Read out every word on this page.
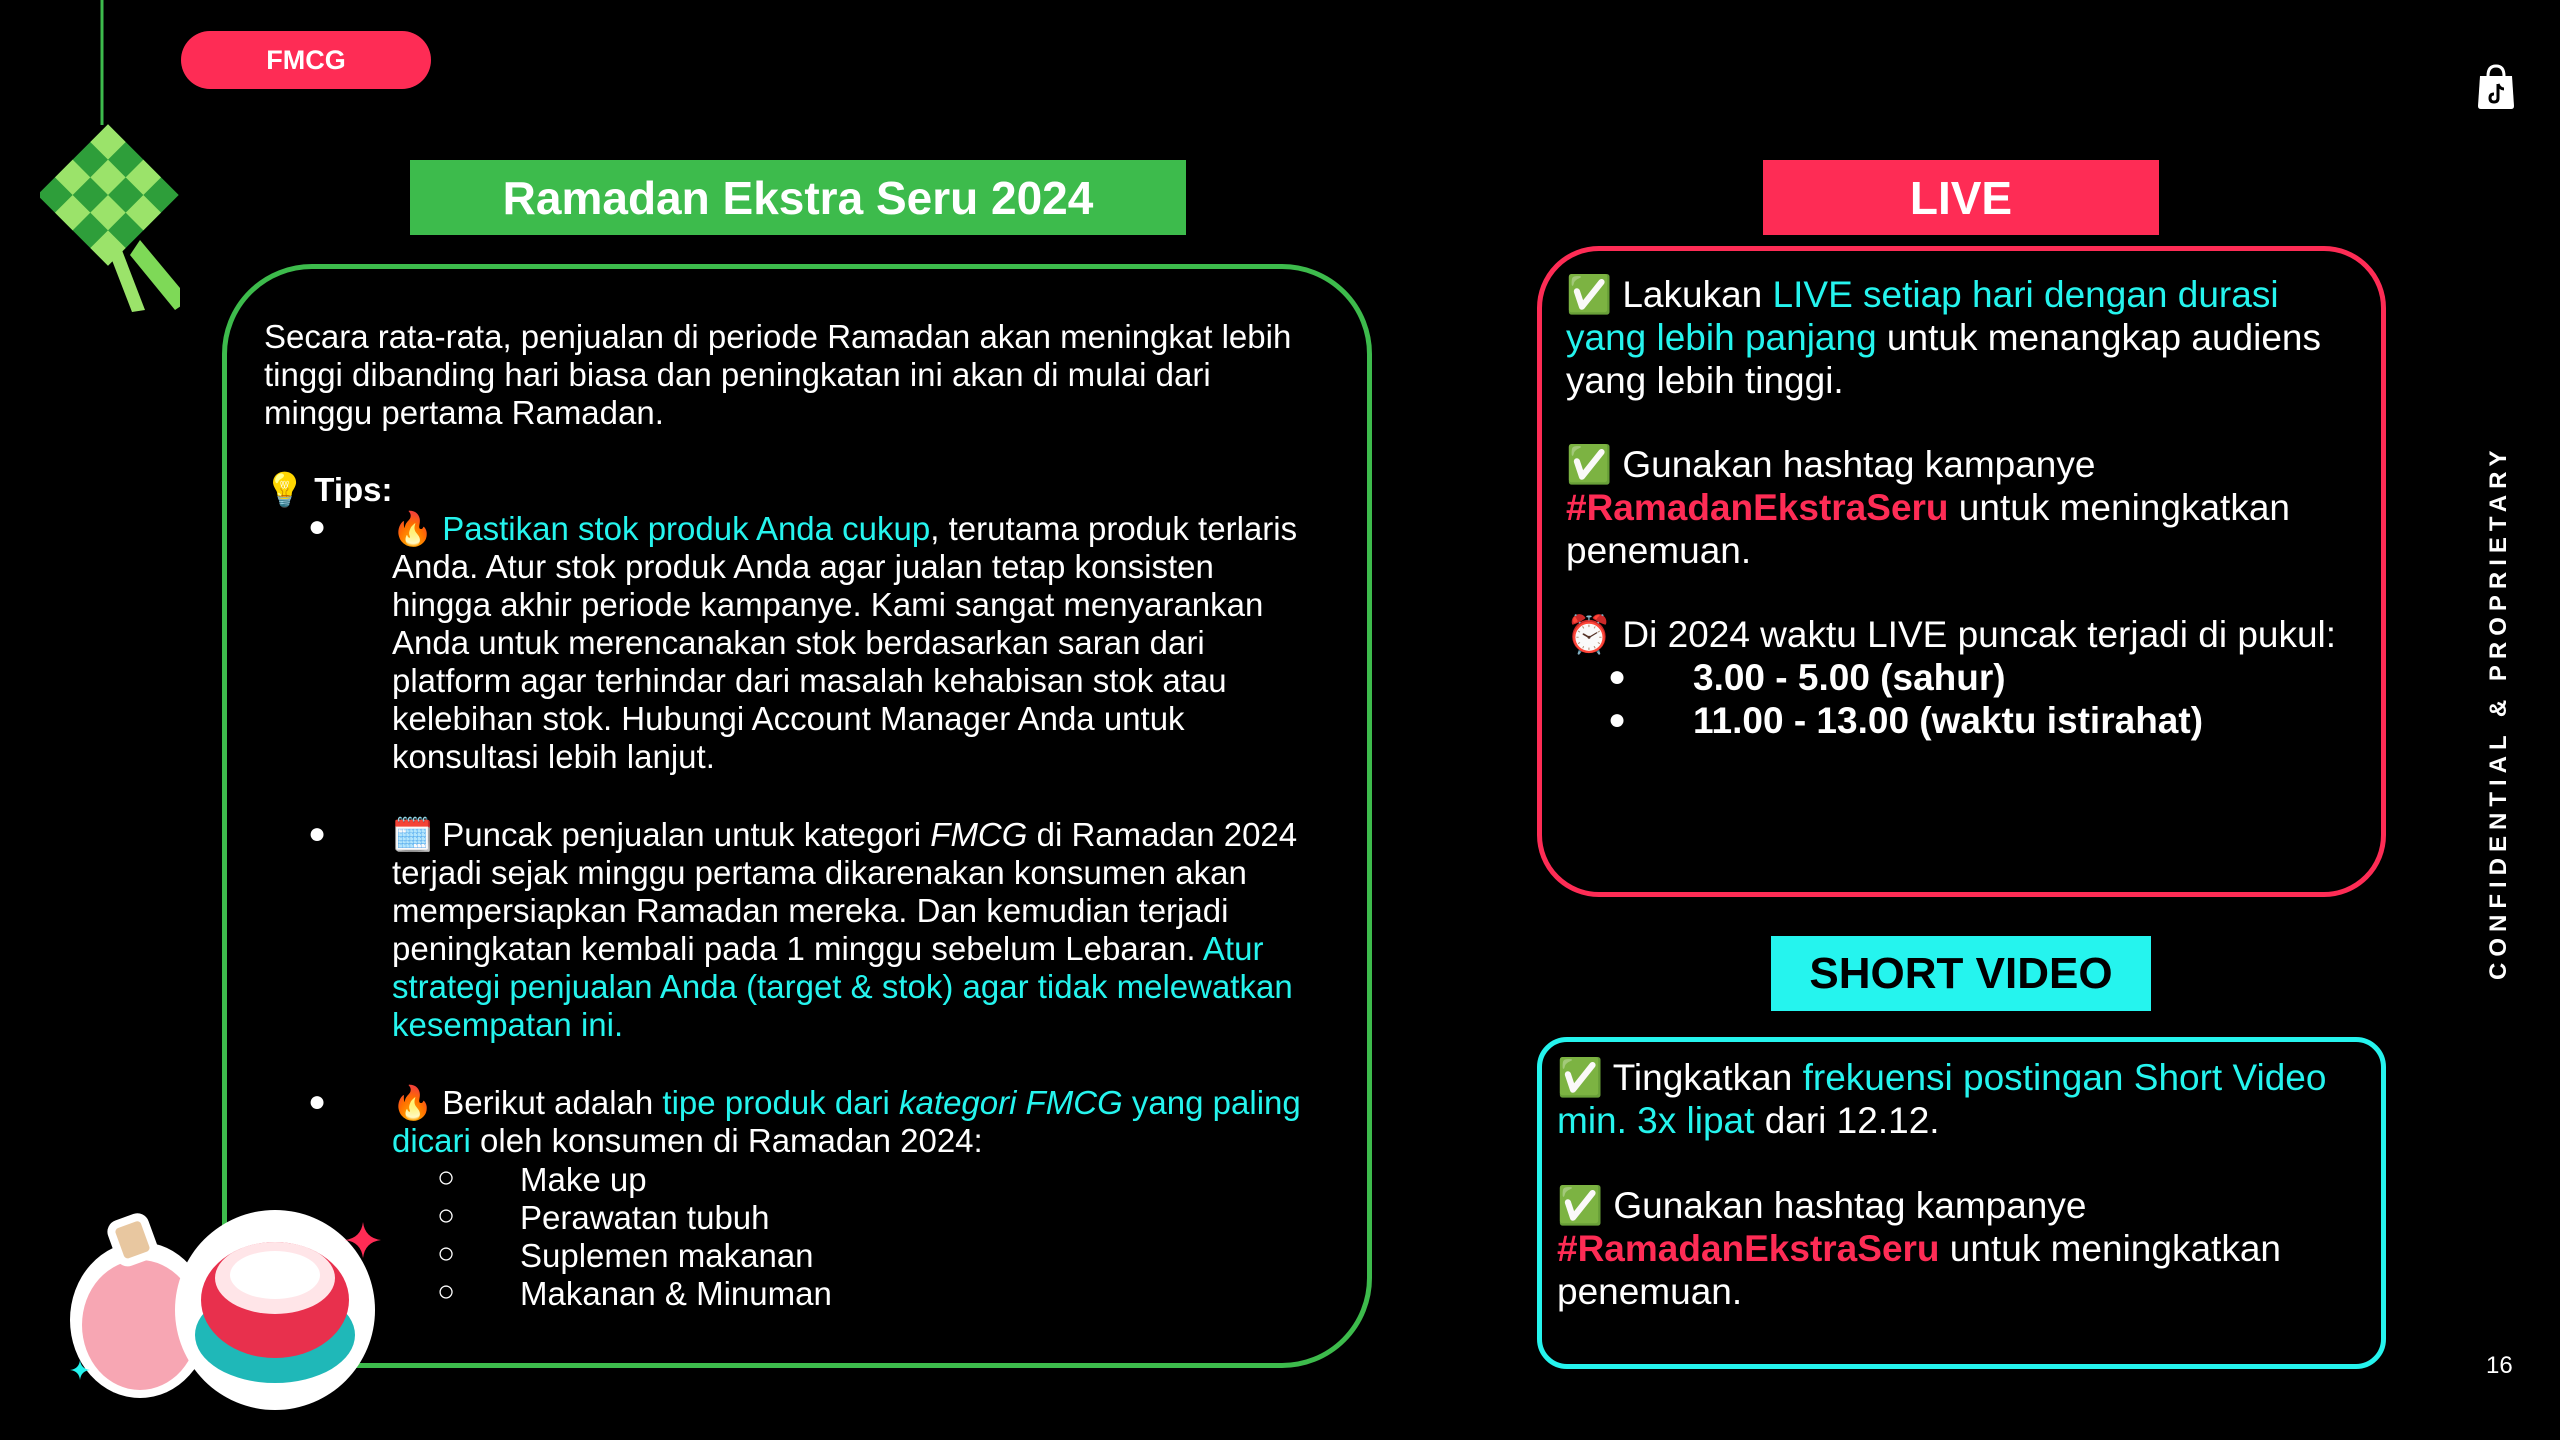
FMCG
Ramadan Ekstra Seru 2024
Secara rata-rata, penjualan di periode Ramadan akan meningkat lebih
tinggi dibanding hari biasa dan peningkatan ini akan di mulai dari
minggu pertama Ramadan.
💡 Tips:
● 🔥 Pastikan stok produk Anda cukup, terutama produk terlaris
Anda. Atur stok produk Anda agar jualan tetap konsisten
hingga akhir periode kampanye. Kami sangat menyarankan
Anda untuk merencanakan stok berdasarkan saran dari
platform agar terhindar dari masalah kehabisan stok atau
kelebihan stok. Hubungi Account Manager Anda untuk
konsultasi lebih lanjut.
● 🗓️ Puncak penjualan untuk kategori FMCG di Ramadan 2024
terjadi sejak minggu pertama dikarenakan konsumen akan
mempersiapkan Ramadan mereka. Dan kemudian terjadi
peningkatan kembali pada 1 minggu sebelum Lebaran. Atur
strategi penjualan Anda (target & stok) agar tidak melewatkan
kesempatan ini.
● 🔥 Berikut adalah tipe produk dari kategori FMCG yang paling
dicari oleh konsumen di Ramadan 2024:
○ Make up
○ Perawatan tubuh
○ Suplemen makanan
○ Makanan & Minuman
LIVE
✅ Lakukan LIVE setiap hari dengan durasi
yang lebih panjang untuk menangkap audiens
yang lebih tinggi.
✅ Gunakan hashtag kampanye
#RamadanEkstraSeru untuk meningkatkan
penemuan.
⏰ Di 2024 waktu LIVE puncak terjadi di pukul:
● 3.00 - 5.00 (sahur)
● 11.00 - 13.00 (waktu istirahat)
SHORT VIDEO
✅ Tingkatkan frekuensi postingan Short Video
min. 3x lipat dari 12.12.
✅ Gunakan hashtag kampanye
#RamadanEkstraSeru untuk meningkatkan
penemuan.
CONFIDENTIAL & PROPRIETARY
16
